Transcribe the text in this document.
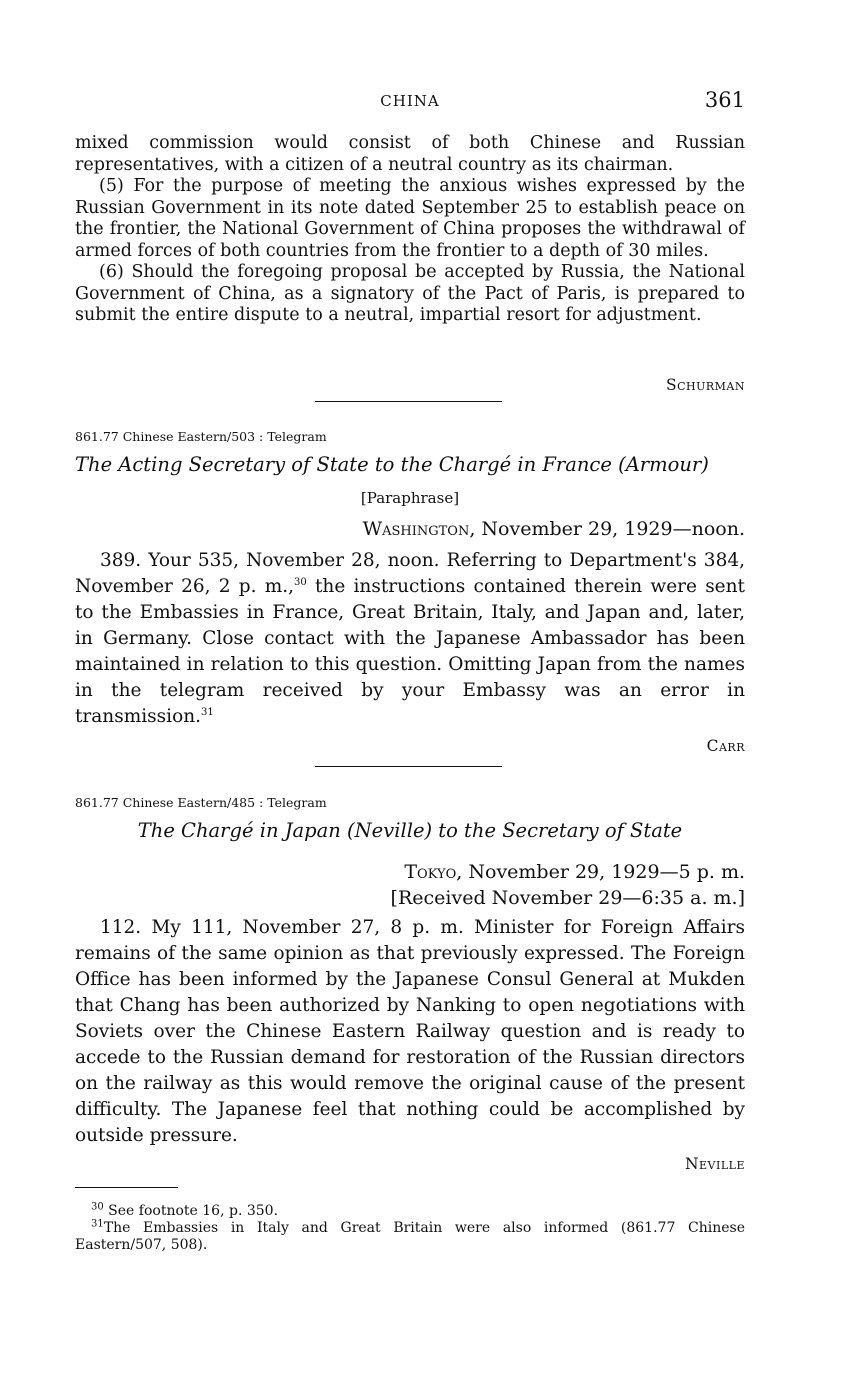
CHINA	361
mixed commission would consist of both Chinese and Russian representatives, with a citizen of a neutral country as its chairman.
(5) For the purpose of meeting the anxious wishes expressed by the Russian Government in its note dated September 25 to establish peace on the frontier, the National Government of China proposes the withdrawal of armed forces of both countries from the frontier to a depth of 30 miles.
(6) Should the foregoing proposal be accepted by Russia, the National Government of China, as a signatory of the Pact of Paris, is prepared to submit the entire dispute to a neutral, impartial resort for adjustment.
Schurman
861.77 Chinese Eastern/503 : Telegram
The Acting Secretary of State to the Chargé in France (Armour)
[Paraphrase]
Washington, November 29, 1929—noon.
389. Your 535, November 28, noon. Referring to Department's 384, November 26, 2 p. m.,$^{30}$ the instructions contained therein were sent to the Embassies in France, Great Britain, Italy, and Japan and, later, in Germany. Close contact with the Japanese Ambassador has been maintained in relation to this question. Omitting Japan from the names in the telegram received by your Embassy was an error in transmission.$^{31}$
Carr
861.77 Chinese Eastern/485 : Telegram
The Chargé in Japan (Neville) to the Secretary of State
Tokyo, November 29, 1929—5 p. m.
[Received November 29—6:35 a. m.]
112. My 111, November 27, 8 p. m. Minister for Foreign Affairs remains of the same opinion as that previously expressed. The Foreign Office has been informed by the Japanese Consul General at Mukden that Chang has been authorized by Nanking to open negotiations with Soviets over the Chinese Eastern Railway question and is ready to accede to the Russian demand for restoration of the Russian directors on the railway as this would remove the original cause of the present difficulty. The Japanese feel that nothing could be accomplished by outside pressure.
Neville
$^{30}$ See footnote 16, p. 350.
$^{31}$The Embassies in Italy and Great Britain were also informed (861.77 Chinese Eastern/507, 508).
